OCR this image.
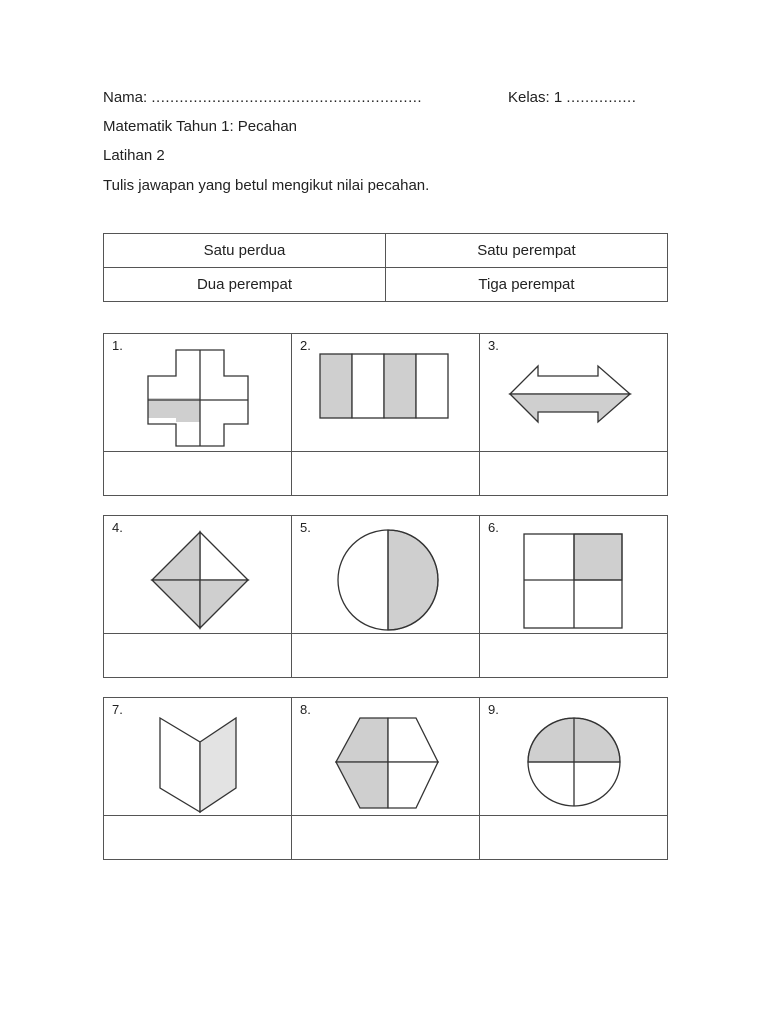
Nama: ..........................................................	Kelas: 1 ...............
Matematik Tahun 1: Pecahan
Latihan 2
Tulis jawapan yang betul mengikut nilai pecahan.
Satu perdua	Satu perempat
Dua perempat	Tiga perempat
1.	2.	3.

4.	5.	6.

7.	8.	9.
